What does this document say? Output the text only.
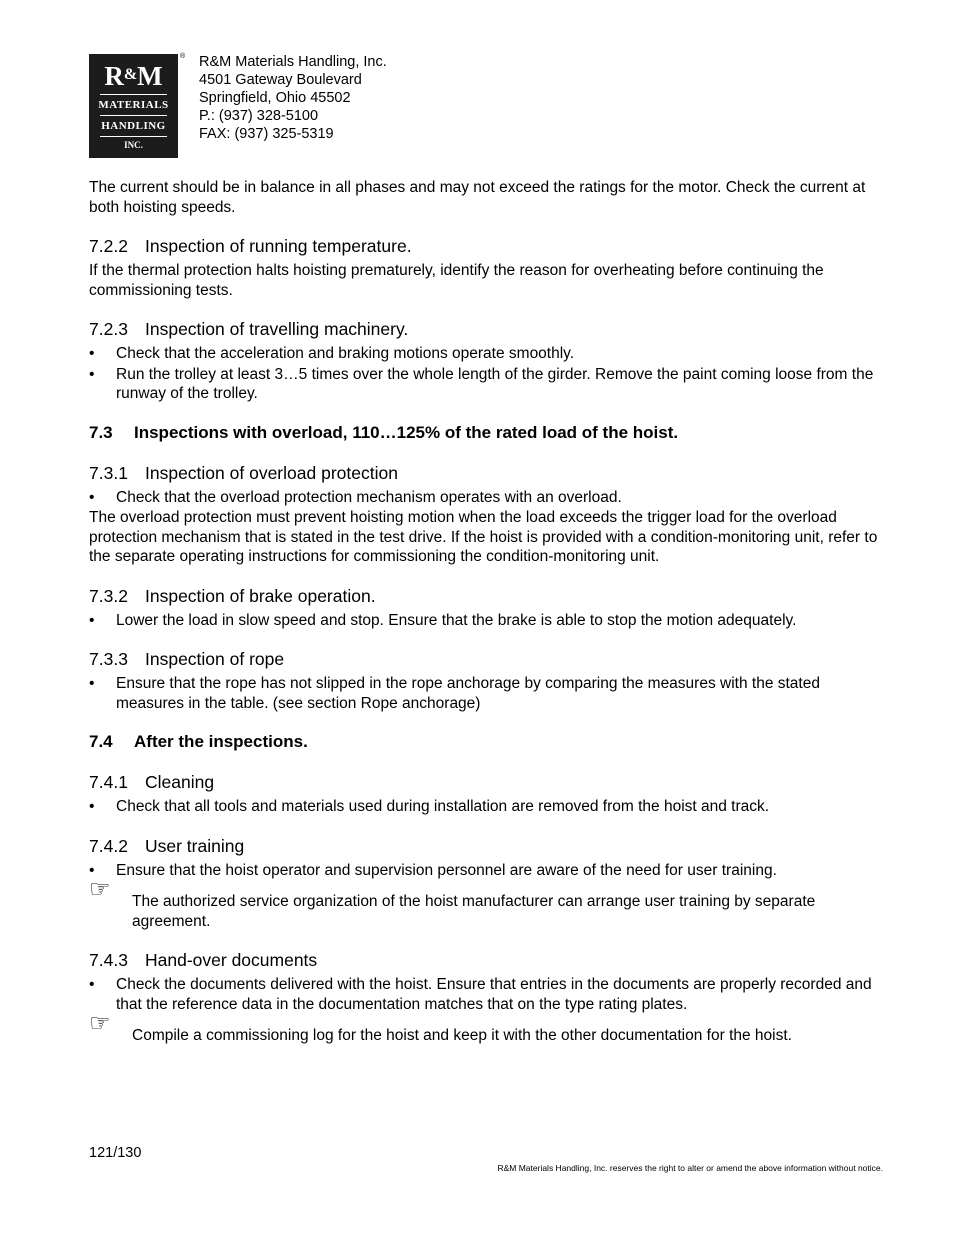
R&M
MATERIALS
HANDLING
INC.
® R&M Materials Handling, Inc.
4501 Gateway Boulevard
Springfield, Ohio 45502
P.: (937) 328-5100
FAX: (937) 325-5319

The current should be in balance in all phases and may not exceed the ratings for the motor. Check the current at both hoisting speeds.

7.2.2 Inspection of running temperature.

If the thermal protection halts hoisting prematurely, identify the reason for overheating before continuing the commissioning tests.

7.2.3 Inspection of travelling machinery.
• Check that the acceleration and braking motions operate smoothly.
• Run the trolley at least 3…5 times over the whole length of the girder. Remove the paint coming loose from the runway of the trolley.
7.3 Inspections with overload, 110…125% of the rated load of the hoist.
7.3.1 Inspection of overload protection
• Check that the overload protection mechanism operates with an overload.

The overload protection must prevent hoisting motion when the load exceeds the trigger load for the overload protection mechanism that is stated in the test drive. If the hoist is provided with a condition-monitoring unit, refer to the separate operating instructions for commissioning the condition-monitoring unit.

7.3.2 Inspection of brake operation.
• Lower the load in slow speed and stop. Ensure that the brake is able to stop the motion adequately.
7.3.3 Inspection of rope
• Ensure that the rope has not slipped in the rope anchorage by comparing the measures with the stated measures in the table. (see section Rope anchorage)
7.4 After the inspections.
7.4.1 Cleaning
• Check that all tools and materials used during installation are removed from the hoist and track.
7.4.2 User training
• Ensure that the hoist operator and supervision personnel are aware of the need for user training.
☞ The authorized service organization of the hoist manufacturer can arrange user training by separate agreement.
7.4.3 Hand-over documents
• Check the documents delivered with the hoist. Ensure that entries in the documents are properly recorded and that the reference data in the documentation matches that on the type rating plates.
☞ Compile a commissioning log for the hoist and keep it with the other documentation for the hoist.
121/130
R&M Materials Handling, Inc. reserves the right to alter or amend the above information without notice.
